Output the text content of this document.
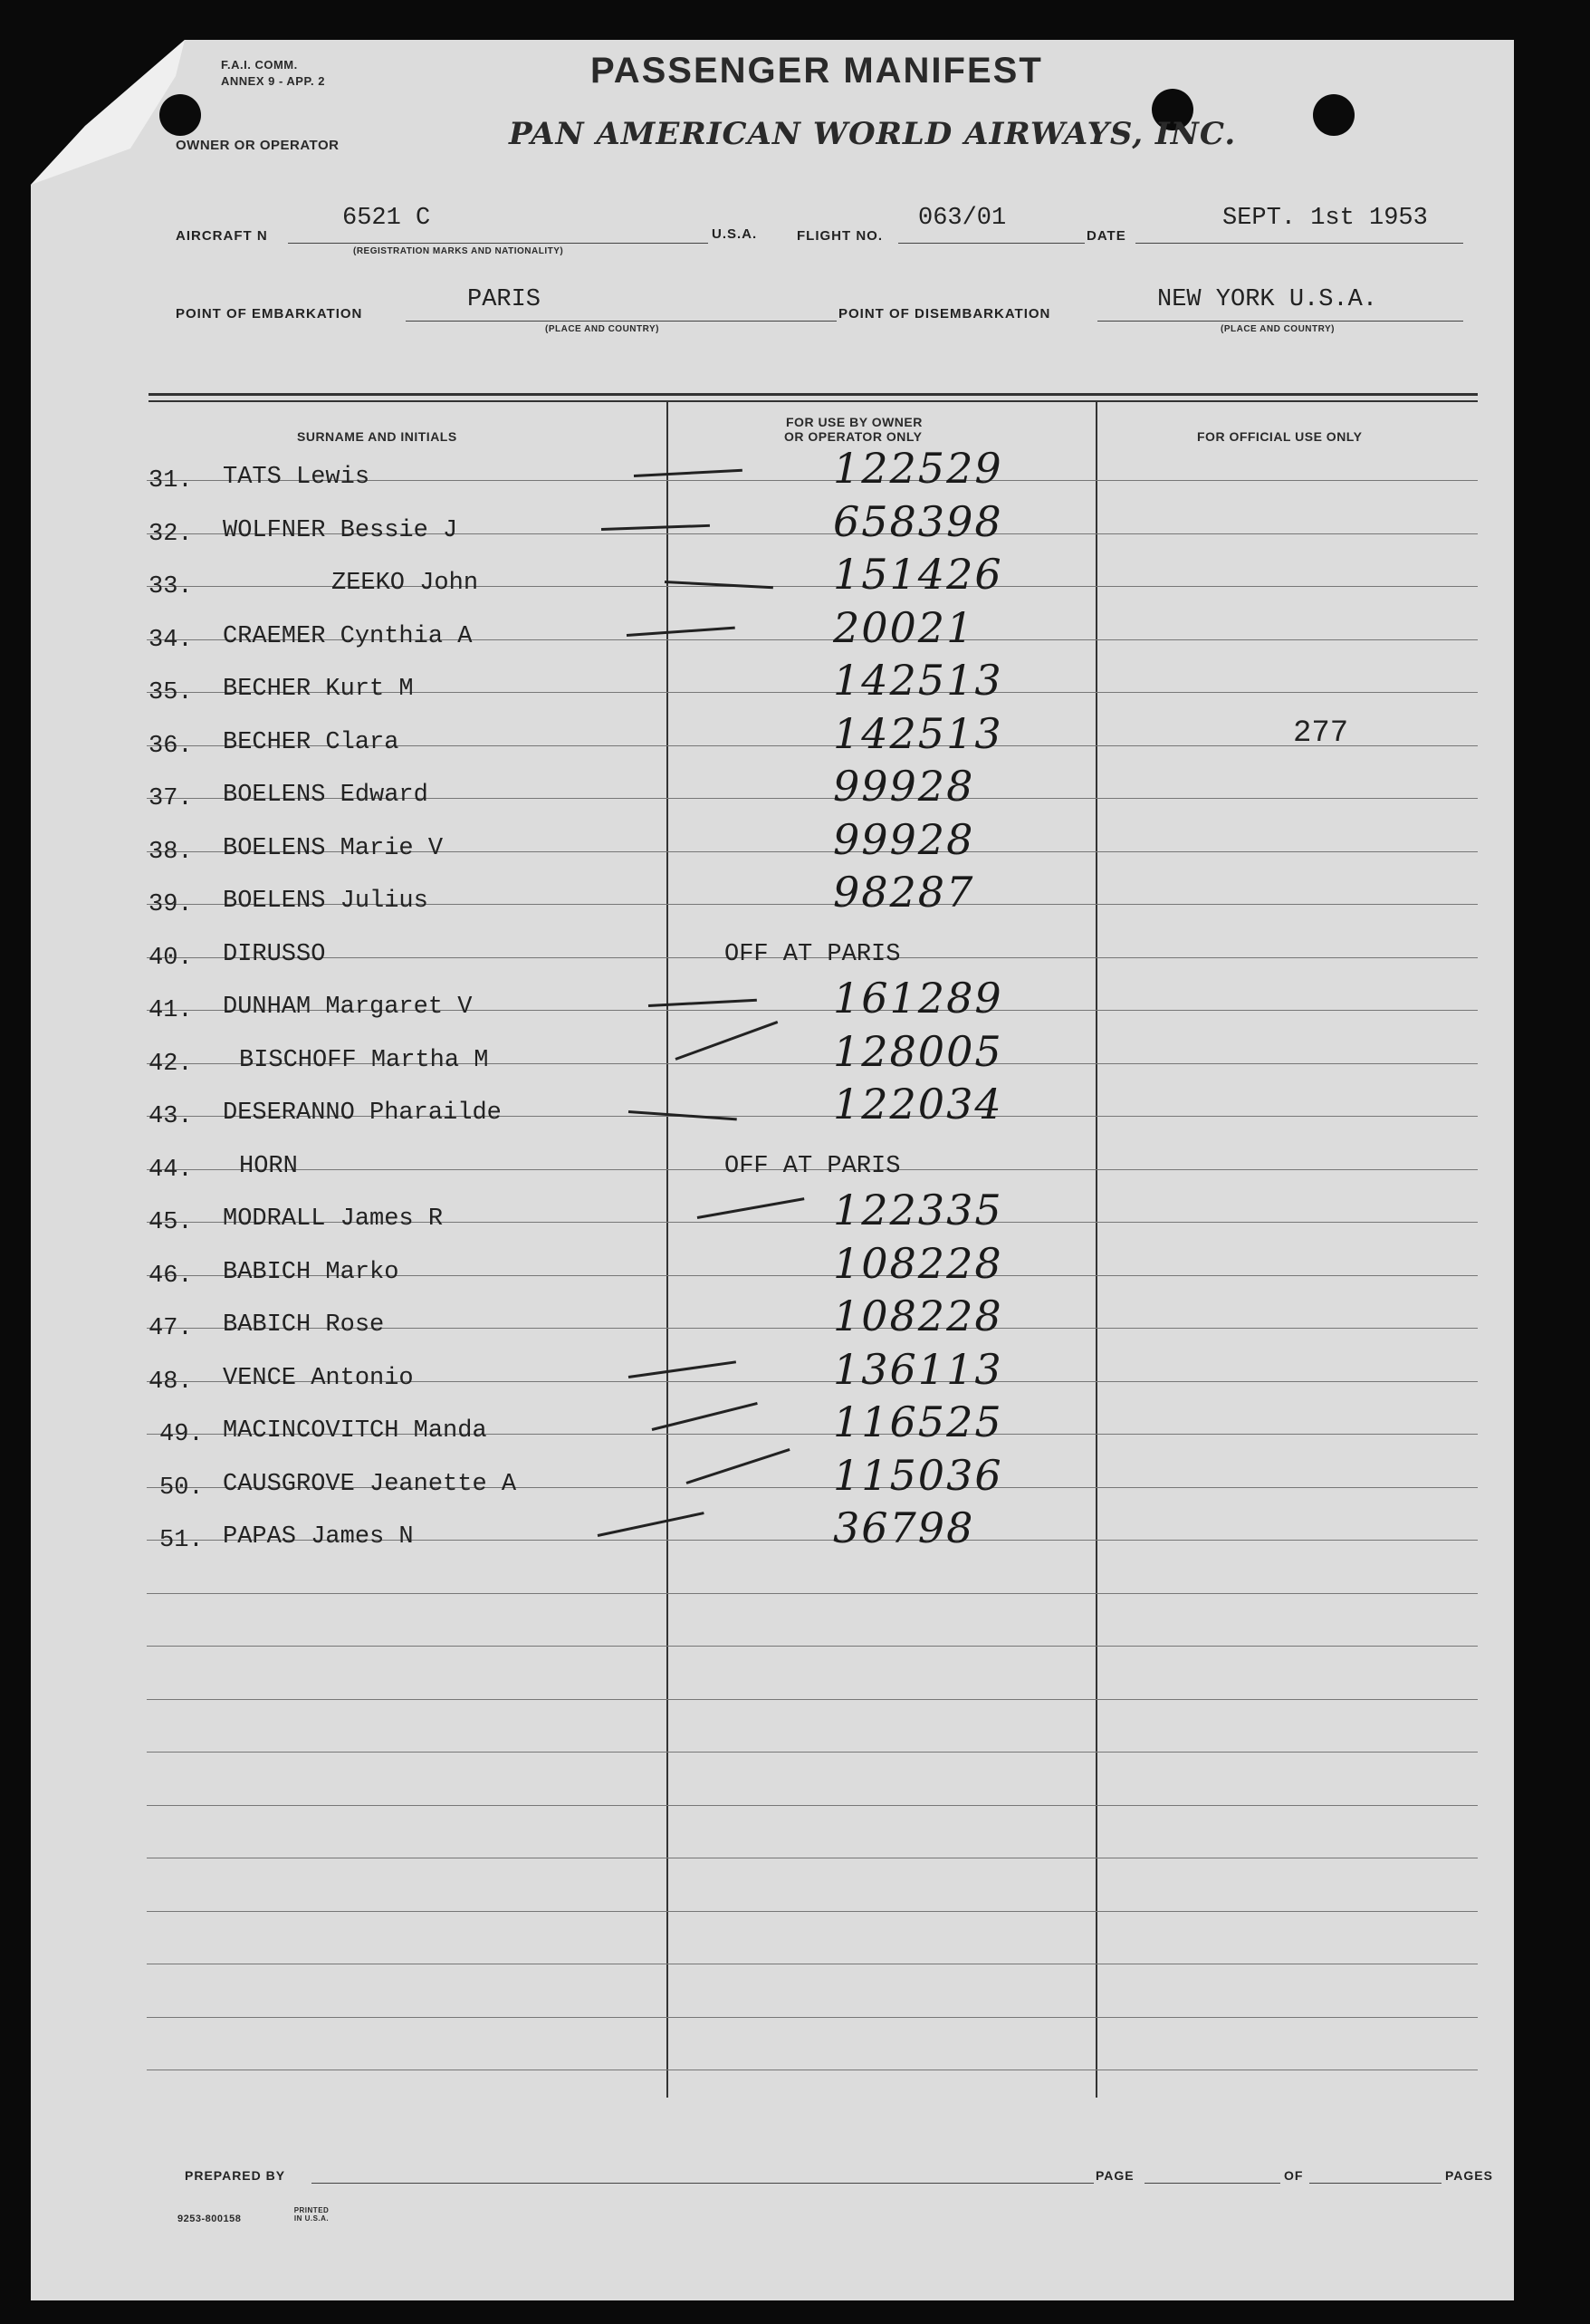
F.A.I. COMM.
ANNEX 9 - APP. 2
OWNER OR OPERATOR
PASSENGER MANIFEST
PAN AMERICAN WORLD AIRWAYS, INC.
AIRCRAFT N
6521 C
(REGISTRATION MARKS AND NATIONALITY)
U.S.A.	FLIGHT NO.
063/01
DATE
SEPT. 1st 1953
POINT OF EMBARKATION
PARIS
(PLACE AND COUNTRY)
POINT OF DISEMBARKATION
NEW YORK U.S.A.
(PLACE AND COUNTRY)
SURNAME AND INITIALS
FOR USE BY OWNER
OR OPERATOR ONLY	FOR OFFICIAL USE ONLY
31. TATS Lewis	122529
32. WOLFNER Bessie J	658398
33.	ZEEKO John	151426
34. CRAEMER Cynthia A	20021
35. BECHER Kurt M	142513
36. BECHER Clara	142513	277
37. BOELENS Edward	99928
38. BOELENS Marie V	99928
39. BOELENS Julius	98287
40. DIRUSSO	OFF AT PARIS
41. DUNHAM Margaret V	161289
42. BISCHOFF Martha M	128005
43. DESERANNO Pharailde	122034
44. HORN	OFF AT PARIS
45. MODRALL James R	122335
46. BABICH Marko	108228
47. BABICH Rose	108228
48. VENCE Antonio	136113
49. MACINCOVITCH Manda	116525
50. CAUSGROVE Jeanette A	115036
51. PAPAS James N	36798
PREPARED BY	PAGE	OF	PAGES
9253-800158
PRINTED IN U.S.A.
